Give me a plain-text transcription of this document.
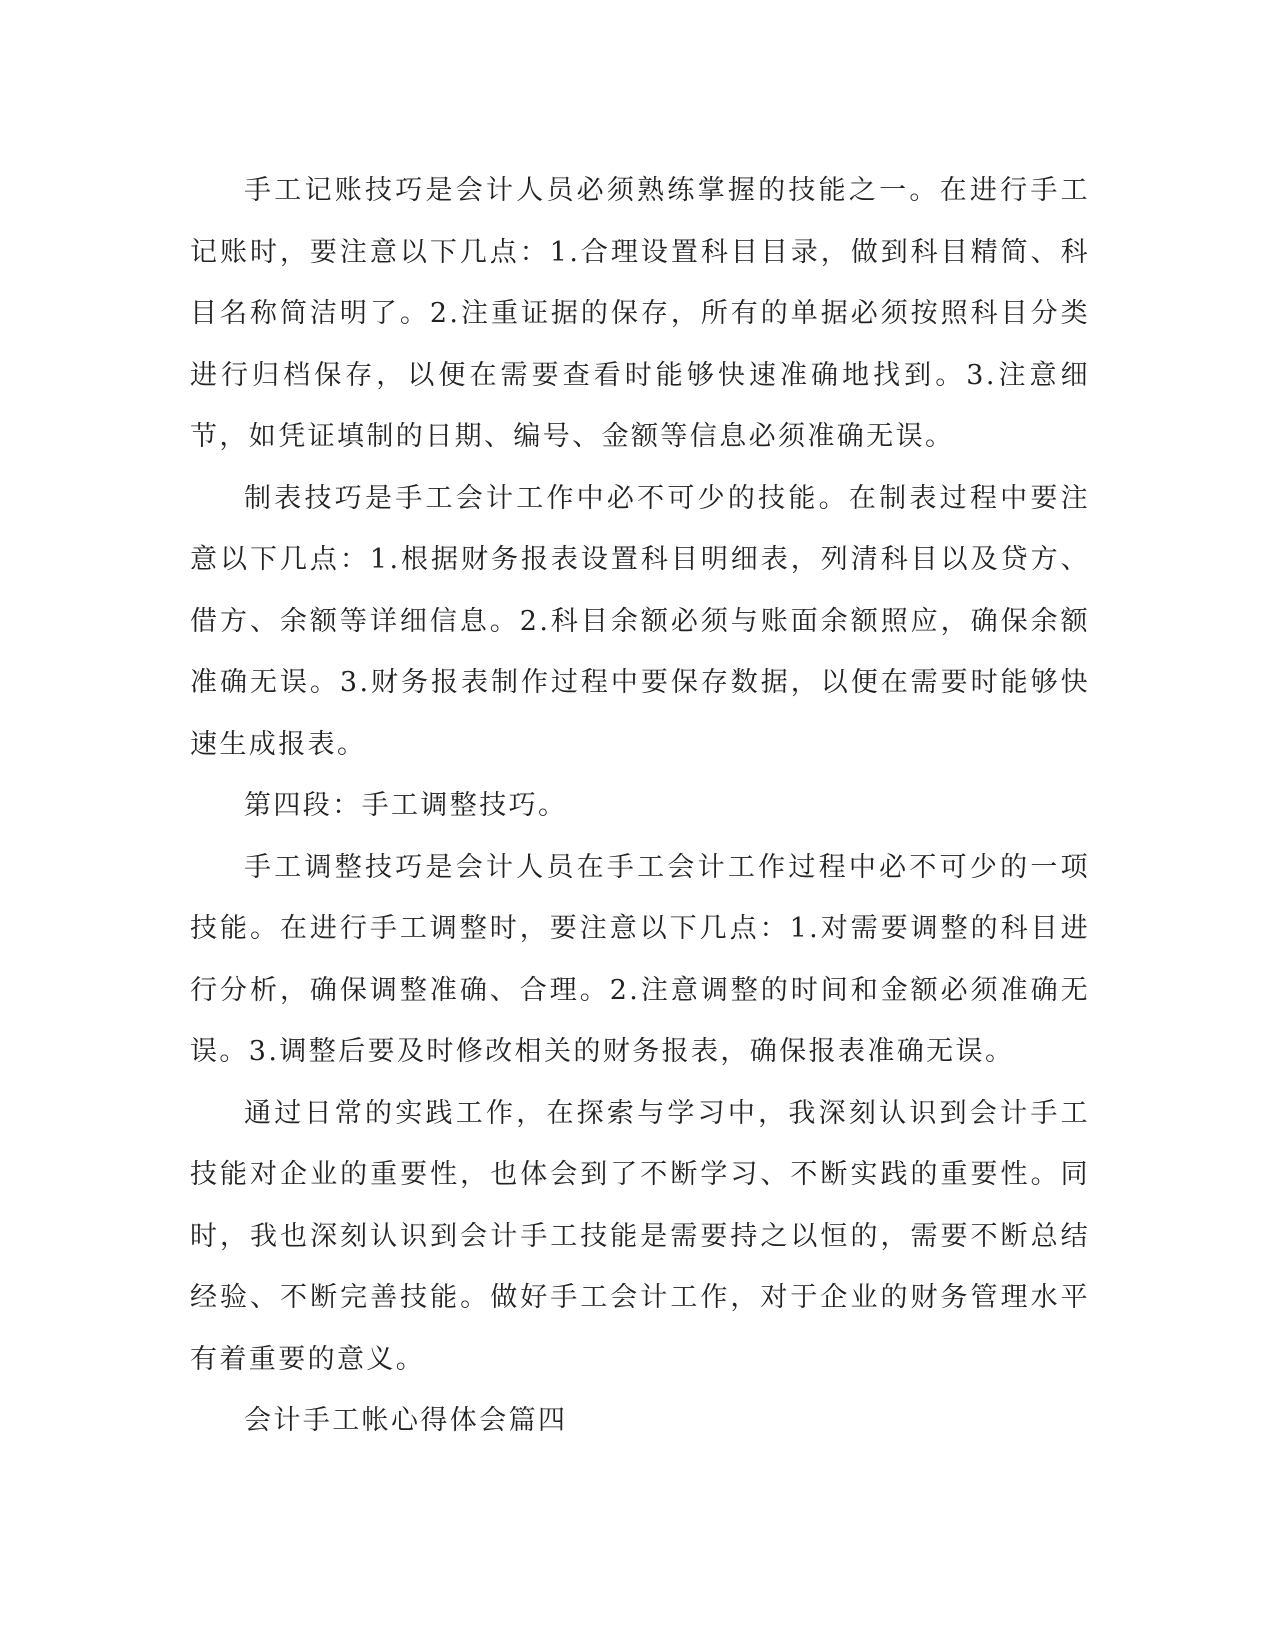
手工记账技巧是会计人员必须熟练掌握的技能之一。在进行手工记账时，要注意以下几点：1.合理设置科目目录，做到科目精简、科目名称简洁明了。2.注重证据的保存，所有的单据必须按照科目分类进行归档保存，以便在需要查看时能够快速准确地找到。3.注意细节，如凭证填制的日期、编号、金额等信息必须准确无误。

制表技巧是手工会计工作中必不可少的技能。在制表过程中要注意以下几点：1.根据财务报表设置科目明细表，列清科目以及贷方、借方、余额等详细信息。2.科目余额必须与账面余额照应，确保余额准确无误。3.财务报表制作过程中要保存数据，以便在需要时能够快速生成报表。

第四段：手工调整技巧。

手工调整技巧是会计人员在手工会计工作过程中必不可少的一项技能。在进行手工调整时，要注意以下几点：1.对需要调整的科目进行分析，确保调整准确、合理。2.注意调整的时间和金额必须准确无误。3.调整后要及时修改相关的财务报表，确保报表准确无误。

通过日常的实践工作，在探索与学习中，我深刻认识到会计手工技能对企业的重要性，也体会到了不断学习、不断实践的重要性。同时，我也深刻认识到会计手工技能是需要持之以恒的，需要不断总结经验、不断完善技能。做好手工会计工作，对于企业的财务管理水平有着重要的意义。

会计手工帐心得体会篇四
